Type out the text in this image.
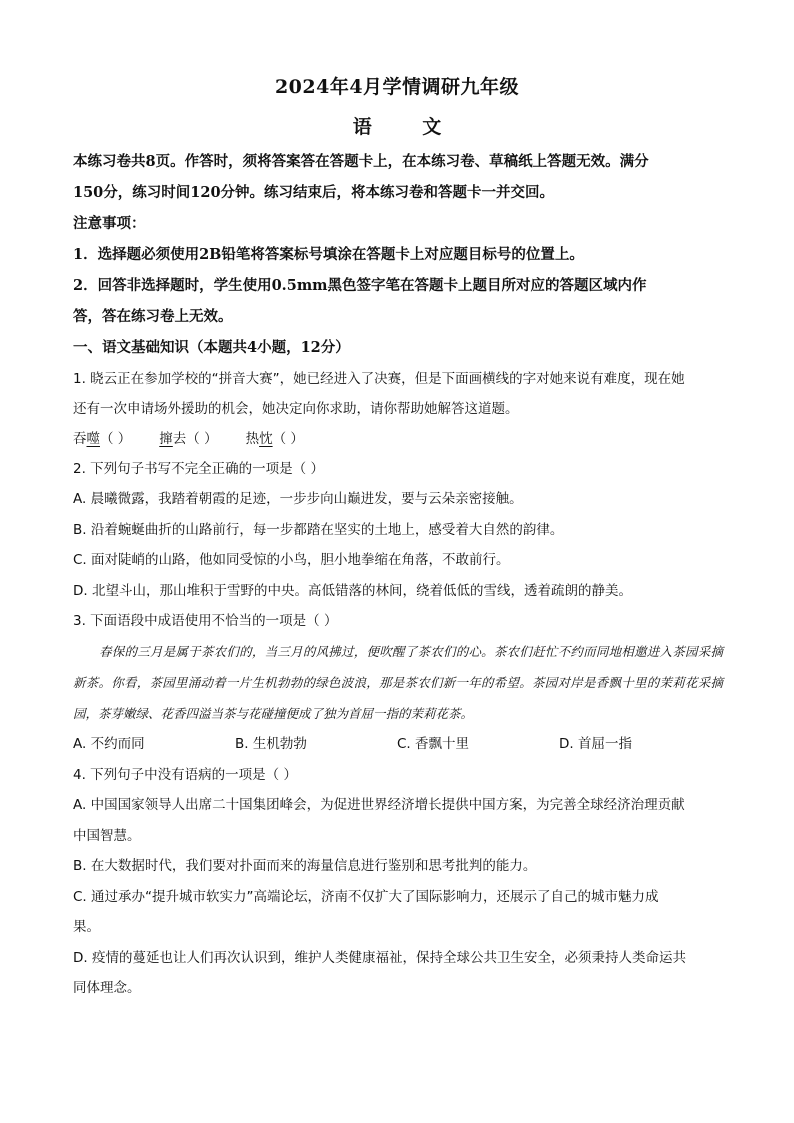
2024年4月学情调研九年级
语 文

本练习卷共8页。作答时，须将答案答在答题卡上，在本练习卷、草稿纸上答题无效。满分

150分，练习时间120分钟。练习结束后，将本练习卷和答题卡一并交回。

注意事项：

1．选择题必须使用2B铅笔将答案标号填涂在答题卡上对应题目标号的位置上。

2．回答非选择题时，学生使用0.5mm黑色签字笔在答题卡上题目所对应的答题区域内作

答，答在练习卷上无效。

一、语文基础知识（本题共4小题，12分）

1. 晓云正在参加学校的“拼音大赛”，她已经进入了决赛，但是下面画横线的字对她来说有难度，现在她

还有一次申请场外援助的机会，她决定向你求助，请你帮助她解答这道题。

吞噬（ ） 撺去（ ） 热忱（ ）

2. 下列句子书写不完全正确的一项是（ ）

A. 晨曦微露，我踏着朝霞的足迹，一步步向山巅进发，要与云朵亲密接触。

B. 沿着蜿蜒曲折的山路前行，每一步都踏在坚实的土地上，感受着大自然的韵律。

C. 面对陡峭的山路，他如同受惊的小鸟，胆小地拳缩在角落，不敢前行。

D. 北望斗山，那山堆积于雪野的中央。高低错落的林间，绕着低低的雪线，透着疏朗的静美。

3. 下面语段中成语使用不恰当的一项是（ ）

春保的三月是属于茶农们的，当三月的风拂过，便吹醒了茶农们的心。茶农们赶忙不约而同地相邀进入茶园采摘新茶。你看，茶园里涌动着一片生机勃勃的绿色波浪，那是茶农们新一年的希望。茶园对岸是香飘十里的茉莉花采摘园，茶芽嫩绿、花香四溢当茶与花碰撞便成了独为首屈一指的茉莉花茶。

A. 不约而同	B. 生机勃勃	C. 香飘十里	D. 首屈一指

4. 下列句子中没有语病的一项是（ ）

A. 中国国家领导人出席二十国集团峰会，为促进世界经济增长提供中国方案，为完善全球经济治理贡献

中国智慧。

B. 在大数据时代，我们要对扑面而来的海量信息进行鉴别和思考批判的能力。

C. 通过承办“提升城市软实力”高端论坛，济南不仅扩大了国际影响力，还展示了自己的城市魅力成

果。

D. 疫情的蔓延也让人们再次认识到，维护人类健康福祉，保持全球公共卫生安全，必须秉持人类命运共

同体理念。
